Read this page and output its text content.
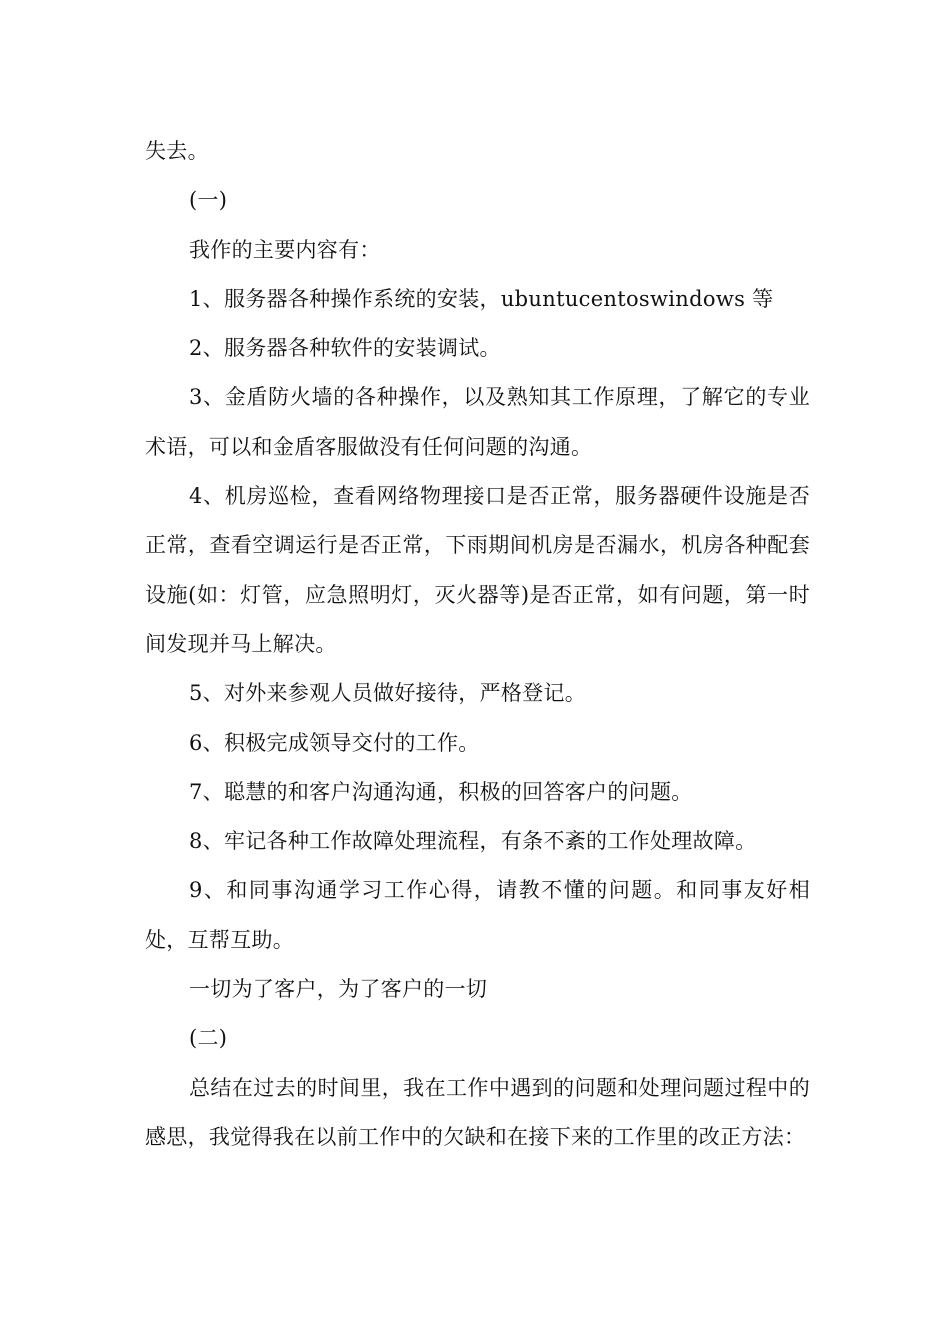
失去。

(一)

我作的主要内容有：

1、服务器各种操作系统的安装，ubuntucentoswindows 等

2、服务器各种软件的安装调试。

3、金盾防火墙的各种操作，以及熟知其工作原理，了解它的专业术语，可以和金盾客服做没有任何问题的沟通。

4、机房巡检，查看网络物理接口是否正常，服务器硬件设施是否正常，查看空调运行是否正常，下雨期间机房是否漏水，机房各种配套设施(如：灯管，应急照明灯，灭火器等)是否正常，如有问题，第一时间发现并马上解决。

5、对外来参观人员做好接待，严格登记。

6、积极完成领导交付的工作。

7、聪慧的和客户沟通沟通，积极的回答客户的问题。

8、牢记各种工作故障处理流程，有条不紊的工作处理故障。

9、和同事沟通学习工作心得，请教不懂的问题。和同事友好相处，互帮互助。

一切为了客户，为了客户的一切

(二)

总结在过去的时间里，我在工作中遇到的问题和处理问题过程中的感思，我觉得我在以前工作中的欠缺和在接下来的工作里的改正方法：
